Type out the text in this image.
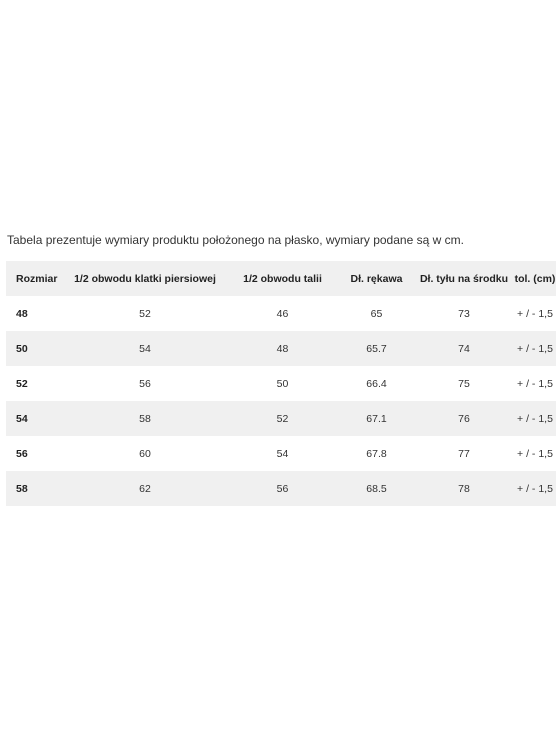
Tabela prezentuje wymiary produktu położonego na płasko, wymiary podane są w cm.
Rozmiar	1/2 obwodu klatki piersiowej	1/2 obwodu talii	Dł. rękawa	Dł. tyłu na środku	tol. (cm)
48	52	46	65	73	+ / - 1,5
50	54	48	65.7	74	+ / - 1,5
52	56	50	66.4	75	+ / - 1,5
54	58	52	67.1	76	+ / - 1,5
56	60	54	67.8	77	+ / - 1,5
58	62	56	68.5	78	+ / - 1,5
